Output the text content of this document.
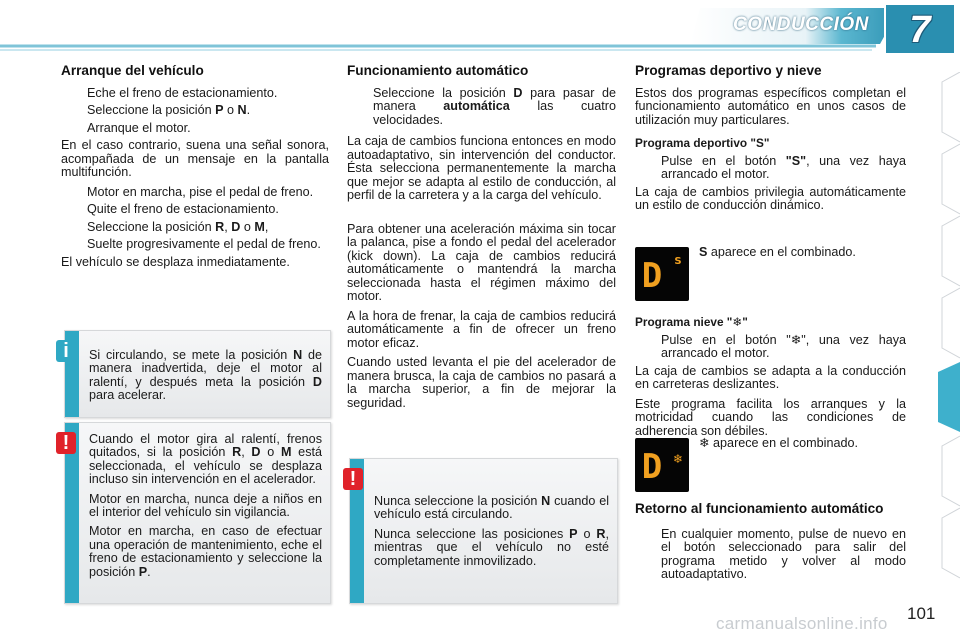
CONDUCCIÓN	7
Arranque del vehículo
Eche el freno de estacionamiento.
Seleccione la posición P o N.
Arranque el motor.

En el caso contrario, suena una señal sonora, acompañada de un mensaje en la pantalla multifunción.

Motor en marcha, pise el pedal de freno.
Quite el freno de estacionamiento.
Seleccione la posición R, D o M,
Suelte progresivamente el pedal de freno.

El vehículo se desplaza inmediatamente.

Si circulando, se mete la posición N de manera inadvertida, deje el motor al ralentí, y después meta la posición D para acelerar.

i

Cuando el motor gira al ralentí, frenos quitados, si la posición R, D o M está seleccionada, el vehículo se desplaza incluso sin intervención en el acelerador.

Motor en marcha, nunca deje a niños en el interior del vehículo sin vigilancia.

Motor en marcha, en caso de efectuar una operación de mantenimiento, eche el freno de estacionamiento y seleccione la posición P.

!
Funcionamiento automático
Seleccione la posición D para pasar de manera automática las cuatro velocidades.

La caja de cambios funciona entonces en modo autoadaptativo, sin intervención del conductor. Ésta selecciona permanentemente la marcha que mejor se adapta al estilo de conducción, al perfil de la carretera y a la carga del vehículo.

Para obtener una aceleración máxima sin tocar la palanca, pise a fondo el pedal del acelerador (kick down). La caja de cambios reducirá automáticamente o mantendrá la marcha seleccionada hasta el régimen máximo del motor.

A la hora de frenar, la caja de cambios reducirá automáticamente a fin de ofrecer un freno motor eficaz.

Cuando usted levanta el pie del acelerador de manera brusca, la caja de cambios no pasará a la marcha superior, a fin de mejorar la seguridad.

Nunca seleccione la posición N cuando el vehículo está circulando.

Nunca seleccione las posiciones P o R, mientras que el vehículo no esté completamente inmovilizado.

!
Programas deportivo y nieve

Estos dos programas específicos completan el funcionamiento automático en unos casos de utilización muy particulares.

Programa deportivo "S"
Pulse en el botón "S", una vez haya arrancado el motor.

La caja de cambios privilegia automáticamente un estilo de conducción dinámico.

S aparece en el combinado.
D S
Programa nieve "❄"
Pulse en el botón "❄", una vez haya arrancado el motor.

La caja de cambios se adapta a la conducción en carreteras deslizantes.

Este programa facilita los arranques y la motricidad cuando las condiciones de adherencia son débiles.

❄ aparece en el combinado.
D ❄
Retorno al funcionamiento automático
En cualquier momento, pulse de nuevo en el botón seleccionado para salir del programa metido y volver al modo autoadaptativo.
carmanualsonline.info
101
